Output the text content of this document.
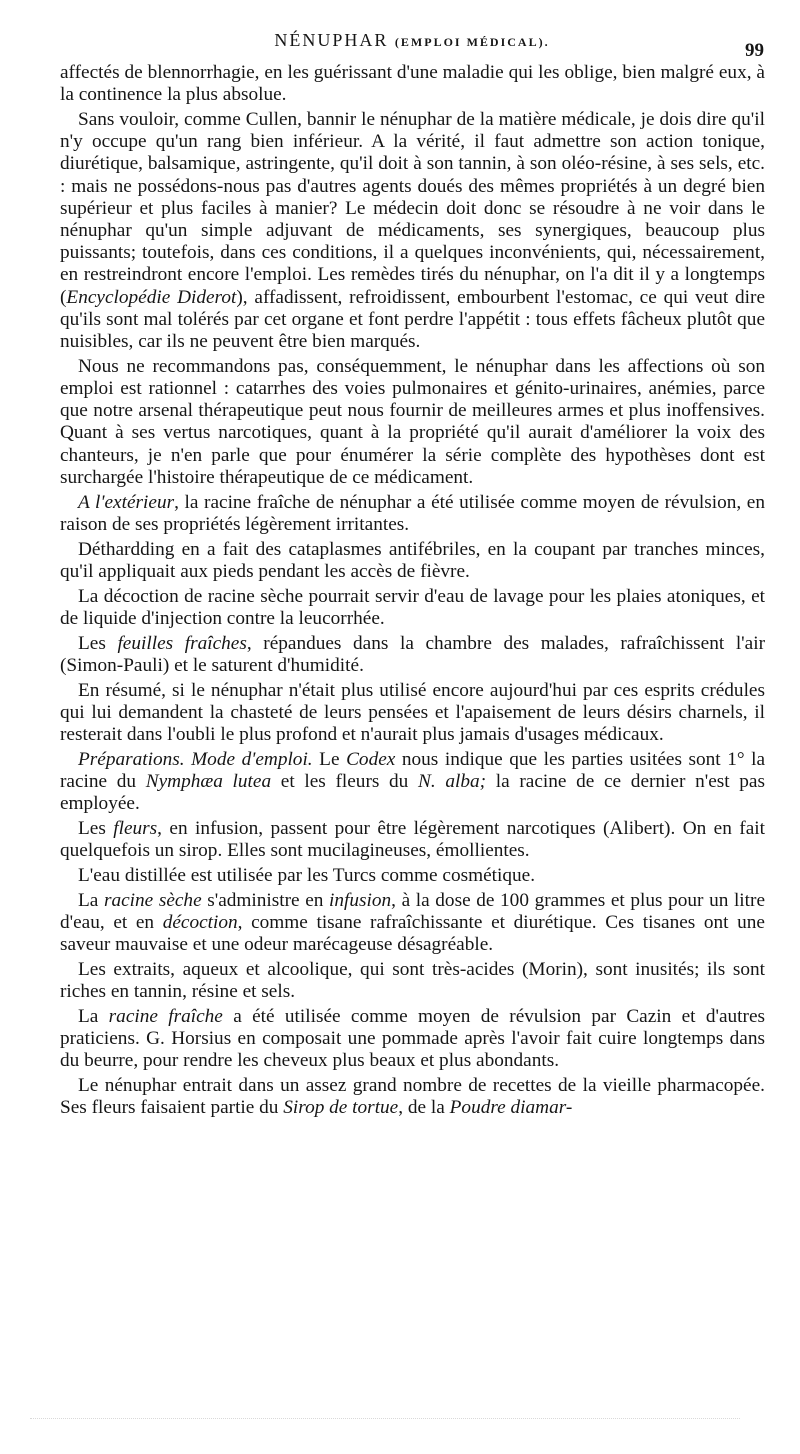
NÉNUPHAR (EMPLOI MÉDICAL).	99

affectés de blennorrhagie, en les guérissant d'une maladie qui les oblige, bien malgré eux, à la continence la plus absolue.

Sans vouloir, comme Cullen, bannir le nénuphar de la matière médicale, je dois dire qu'il n'y occupe qu'un rang bien inférieur. A la vérité, il faut admettre son action tonique, diurétique, balsamique, astringente, qu'il doit à son tannin, à son oléo-résine, à ses sels, etc. : mais ne possédons-nous pas d'autres agents doués des mêmes propriétés à un degré bien supérieur et plus faciles à manier? Le médecin doit donc se résoudre à ne voir dans le nénuphar qu'un simple adjuvant de médicaments, ses synergiques, beaucoup plus puissants; toutefois, dans ces conditions, il a quelques inconvénients, qui, nécessairement, en restreindront encore l'emploi. Les remèdes tirés du nénuphar, on l'a dit il y a longtemps (Encyclopédie Diderot), affadissent, refroidissent, embourbent l'estomac, ce qui veut dire qu'ils sont mal tolérés par cet organe et font perdre l'appétit : tous effets fâcheux plutôt que nuisibles, car ils ne peuvent être bien marqués.

Nous ne recommandons pas, conséquemment, le nénuphar dans les affections où son emploi est rationnel : catarrhes des voies pulmonaires et génito-urinaires, anémies, parce que notre arsenal thérapeutique peut nous fournir de meilleures armes et plus inoffensives. Quant à ses vertus narcotiques, quant à la propriété qu'il aurait d'améliorer la voix des chanteurs, je n'en parle que pour énumérer la série complète des hypothèses dont est surchargée l'histoire thérapeutique de ce médicament.

A l'extérieur, la racine fraîche de nénuphar a été utilisée comme moyen de révulsion, en raison de ses propriétés légèrement irritantes.

Déthardding en a fait des cataplasmes antifébriles, en la coupant par tranches minces, qu'il appliquait aux pieds pendant les accès de fièvre.

La décoction de racine sèche pourrait servir d'eau de lavage pour les plaies atoniques, et de liquide d'injection contre la leucorrhée.

Les feuilles fraîches, répandues dans la chambre des malades, rafraîchissent l'air (Simon-Pauli) et le saturent d'humidité.

En résumé, si le nénuphar n'était plus utilisé encore aujourd'hui par ces esprits crédules qui lui demandent la chasteté de leurs pensées et l'apaisement de leurs désirs charnels, il resterait dans l'oubli le plus profond et n'aurait plus jamais d'usages médicaux.

Préparations. Mode d'emploi. Le Codex nous indique que les parties usitées sont 1° la racine du Nymphæa lutea et les fleurs du N. alba; la racine de ce dernier n'est pas employée.

Les fleurs, en infusion, passent pour être légèrement narcotiques (Alibert). On en fait quelquefois un sirop. Elles sont mucilagineuses, émollientes.

L'eau distillée est utilisée par les Turcs comme cosmétique.

La racine sèche s'administre en infusion, à la dose de 100 grammes et plus pour un litre d'eau, et en décoction, comme tisane rafraîchissante et diurétique. Ces tisanes ont une saveur mauvaise et une odeur marécageuse désagréable.

Les extraits, aqueux et alcoolique, qui sont très-acides (Morin), sont inusités; ils sont riches en tannin, résine et sels.

La racine fraîche a été utilisée comme moyen de révulsion par Cazin et d'autres praticiens. G. Horsius en composait une pommade après l'avoir fait cuire longtemps dans du beurre, pour rendre les cheveux plus beaux et plus abondants.

Le nénuphar entrait dans un assez grand nombre de recettes de la vieille pharmacopée. Ses fleurs faisaient partie du Sirop de tortue, de la Poudre diamar-
